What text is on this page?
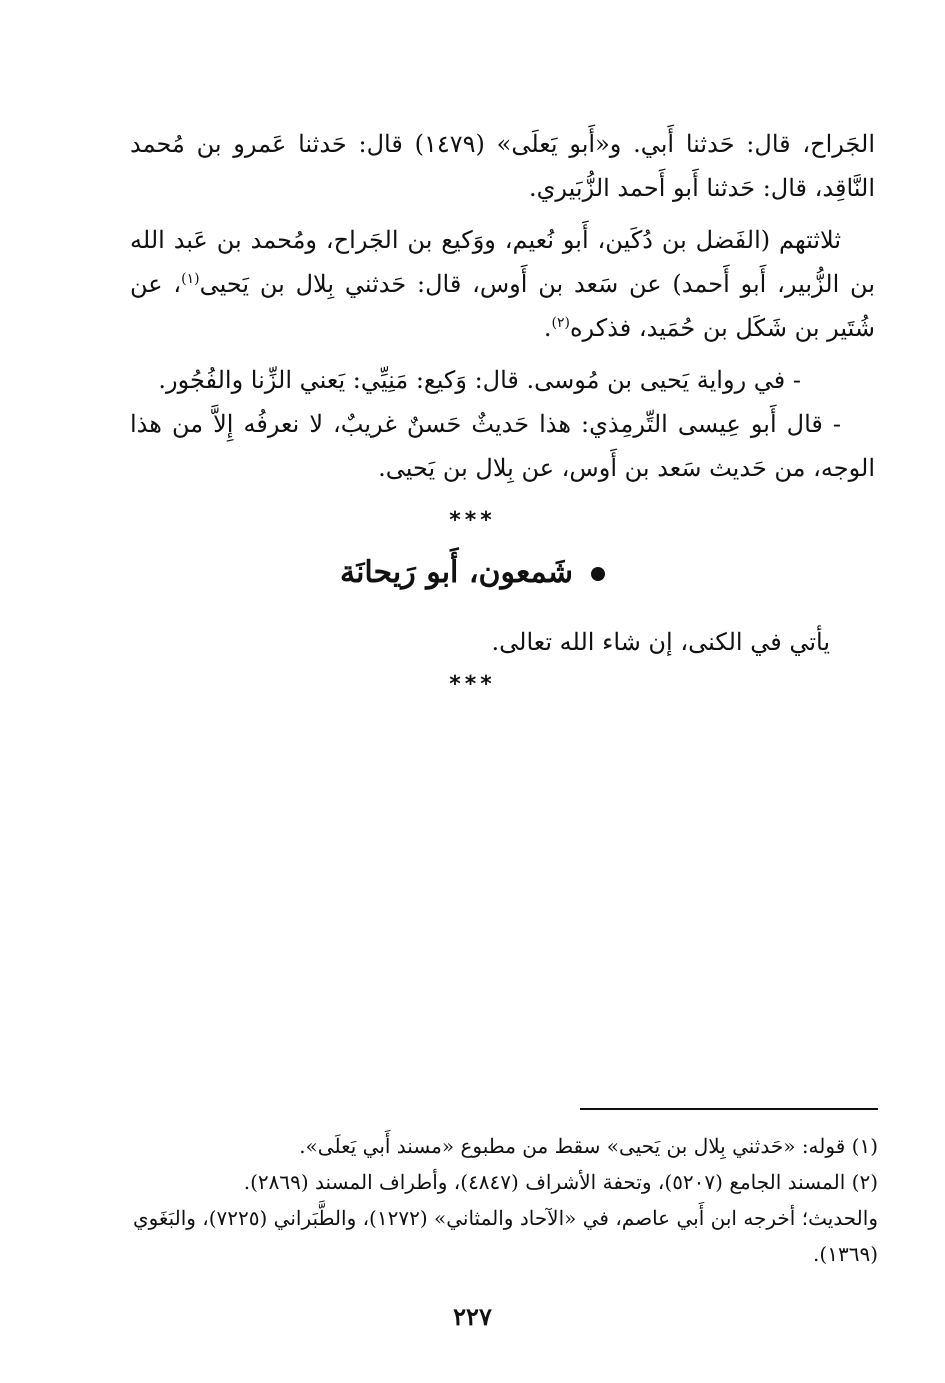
الجَراح، قال: حَدثنا أَبي. و«أَبو يَعلَى» (١٤٧٩) قال: حَدثنا عَمرو بن مُحمد النَّاقِد، قال: حَدثنا أَبو أَحمد الزُّبَيري.

ثلاثتهم (الفَضل بن دُكَين، أَبو نُعيم، ووَكيع بن الجَراح، ومُحمد بن عَبد الله بن الزُّبير، أَبو أَحمد) عن سَعد بن أَوس، قال: حَدثني بِلال بن يَحيى$^{(١)}$، عن شُتَير بن شَكَل بن حُمَيد، فذكره$^{(٢)}$.

- في رواية يَحيى بن مُوسى. قال: وَكيع: مَنِيِّي: يَعني الزِّنا والفُجُور.

- قال أَبو عِيسى التِّرمِذي: هذا حَديثٌ حَسنٌ غريبٌ، لا نعرفُه إِلاَّ من هذا الوجه، من حَديث سَعد بن أَوس، عن بِلال بن يَحيى.

***
شَمعون، أَبو رَيحانَة
يأتي في الكنى، إن شاء الله تعالى.
***

(١) قوله: «حَدثني بِلال بن يَحيى» سقط من مطبوع «مسند أَبي يَعلَى».

(٢) المسند الجامع (٥٢٠٧)، وتحفة الأشراف (٤٨٤٧)، وأطراف المسند (٢٨٦٩).

والحديث؛ أخرجه ابن أَبي عاصم، في «الآحاد والمثاني» (١٢٧٢)، والطَّبَراني (٧٢٢٥)، والبَغَوي (١٣٦٩).

٢٢٧
